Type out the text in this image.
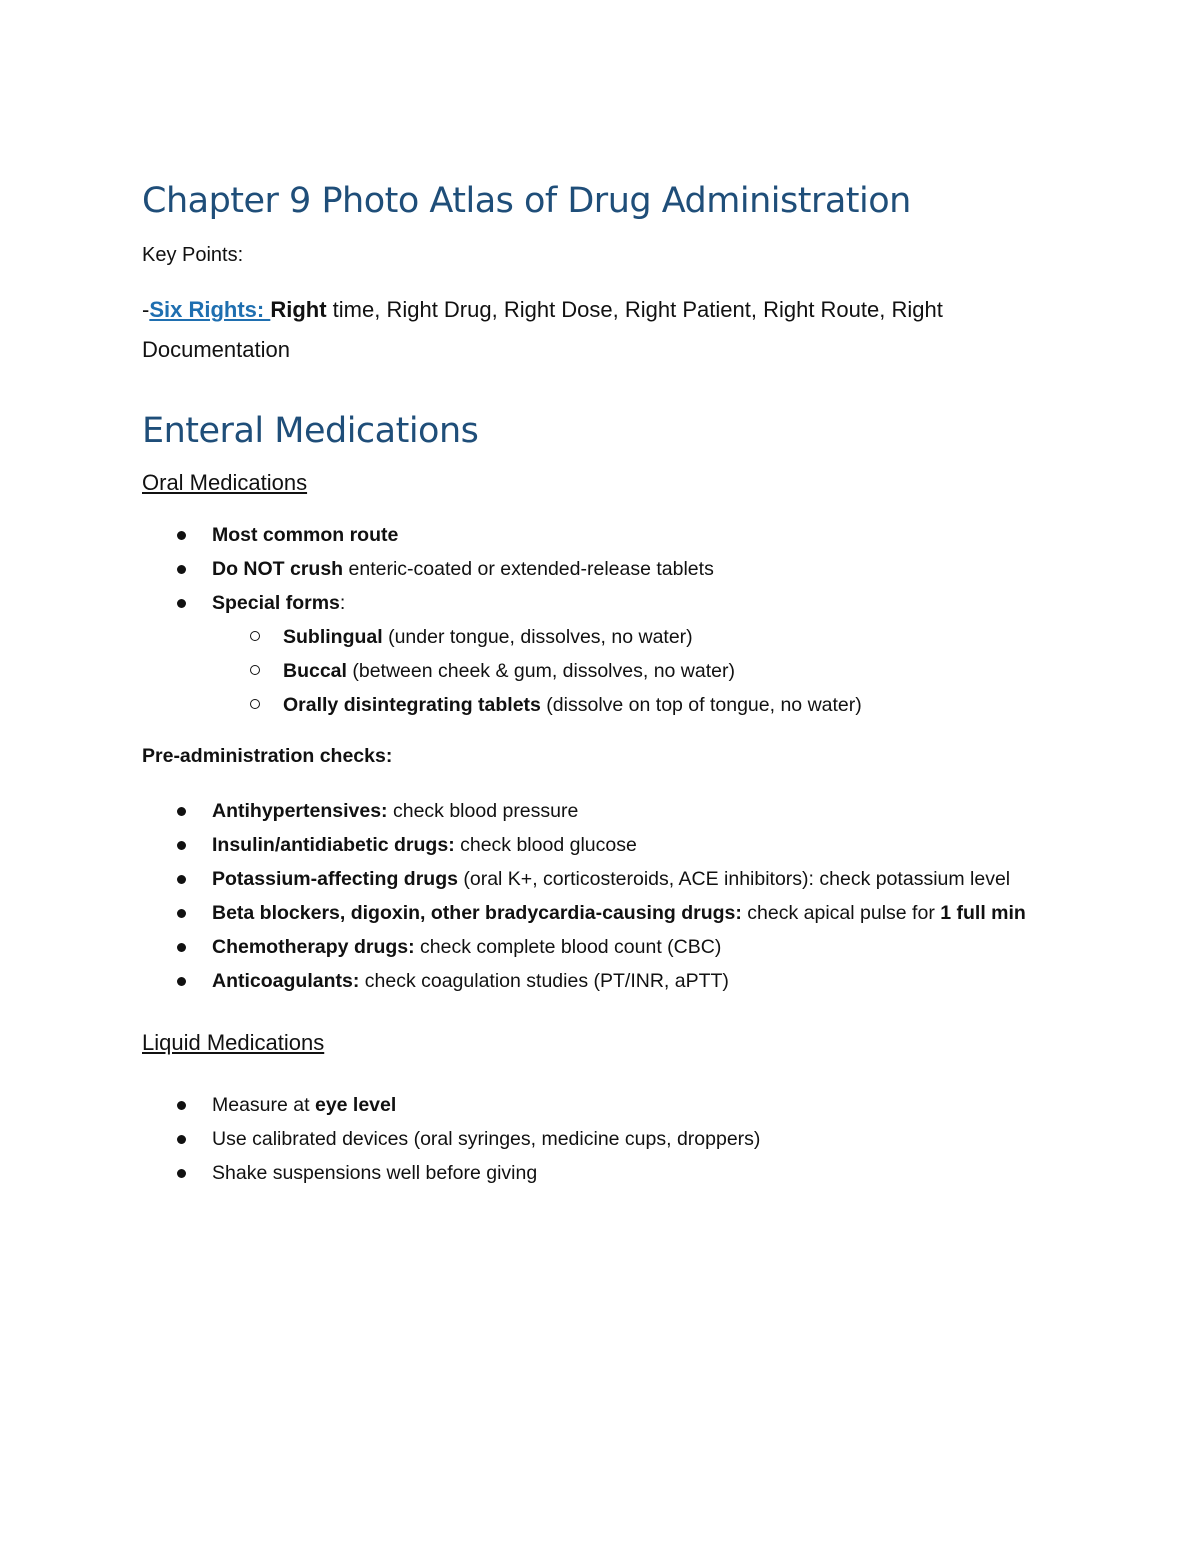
Chapter 9 Photo Atlas of Drug Administration
Key Points:
-Six Rights: Right time, Right Drug, Right Dose, Right Patient, Right Route, Right Documentation
Enteral Medications
Oral Medications
Most common route
Do NOT crush enteric-coated or extended-release tablets
Special forms:
Sublingual (under tongue, dissolves, no water)
Buccal (between cheek & gum, dissolves, no water)
Orally disintegrating tablets (dissolve on top of tongue, no water)
Pre-administration checks:
Antihypertensives: check blood pressure
Insulin/antidiabetic drugs: check blood glucose
Potassium-affecting drugs (oral K+, corticosteroids, ACE inhibitors): check potassium level
Beta blockers, digoxin, other bradycardia-causing drugs: check apical pulse for 1 full min
Chemotherapy drugs: check complete blood count (CBC)
Anticoagulants: check coagulation studies (PT/INR, aPTT)
Liquid Medications
Measure at eye level
Use calibrated devices (oral syringes, medicine cups, droppers)
Shake suspensions well before giving
